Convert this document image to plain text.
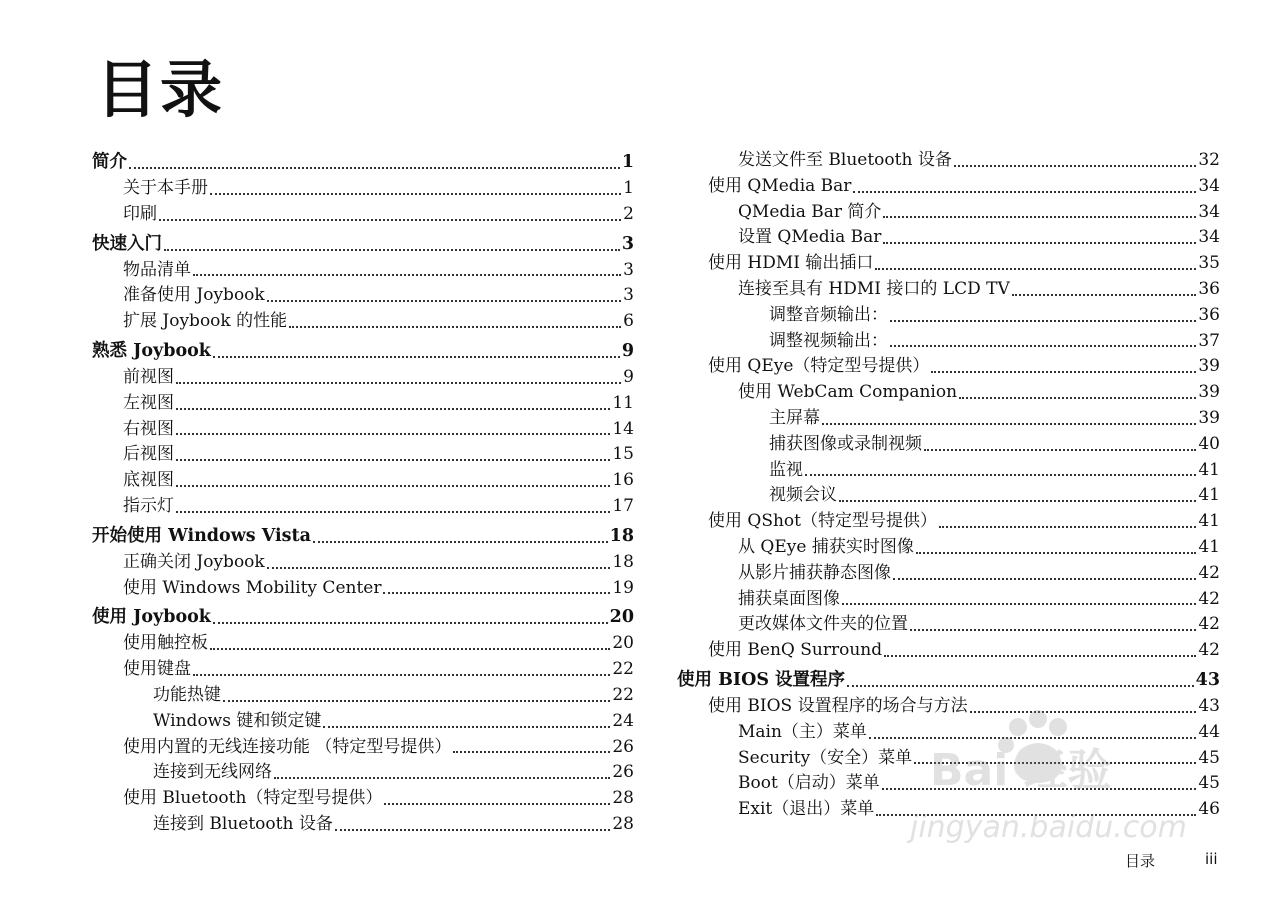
目录
简介	1
关于本手册	1
印刷	2
快速入门	3
物品清单	3
准备使用 Joybook	3
扩展 Joybook 的性能	6
熟悉 Joybook	9
前视图	9
左视图	11
右视图	14
后视图	15
底视图	16
指示灯	17
开始使用 Windows Vista	18
正确关闭 Joybook	18
使用 Windows Mobility Center	19
使用 Joybook	20
使用触控板	20
使用键盘	22
功能热键	22
Windows 键和锁定键	24
使用内置的无线连接功能 （特定型号提供）	26
连接到无线网络	26
使用 Bluetooth（特定型号提供）	28
连接到 Bluetooth 设备	28
发送文件至 Bluetooth 设备	32
使用 QMedia Bar	34
QMedia Bar 简介	34
设置 QMedia Bar	34
使用 HDMI 输出插口	35
连接至具有 HDMI 接口的 LCD TV	36
调整音频输出：	36
调整视频输出：	37
使用 QEye（特定型号提供）	39
使用 WebCam Companion	39
主屏幕	39
捕获图像或录制视频	40
监视	41
视频会议	41
使用 QShot（特定型号提供）	41
从 QEye 捕获实时图像	41
从影片捕获静态图像	42
捕获桌面图像	42
更改媒体文件夹的位置	42
使用 BenQ Surround	42
使用 BIOS 设置程序	43
使用 BIOS 设置程序的场合与方法	43
Main（主）菜单	44
Security（安全）菜单	45
Boot（启动）菜单	45
Exit（退出）菜单	46
目录	iii
Bai 经验
jingyan.baidu.com
